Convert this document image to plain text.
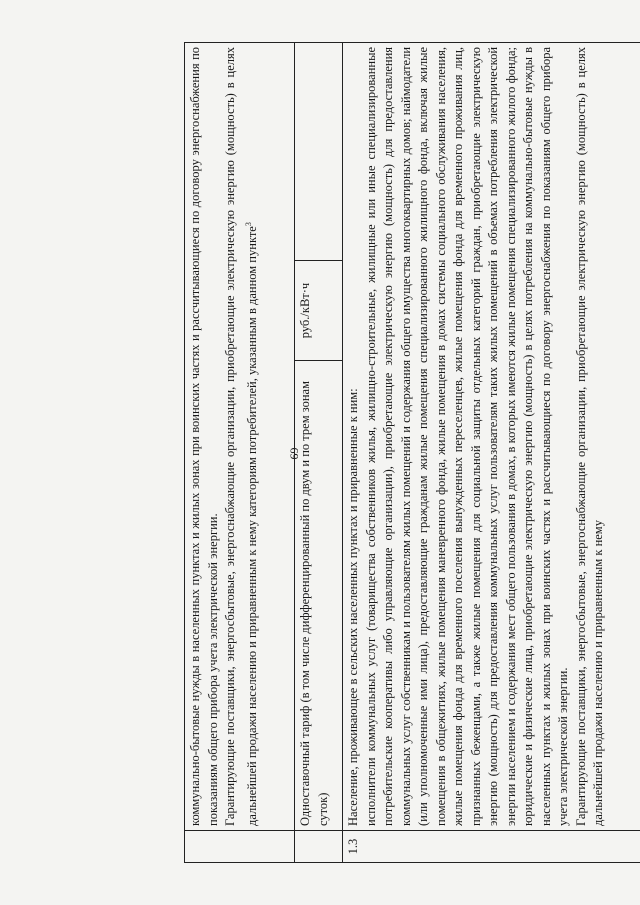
69

	коммунально-бытовые нужды в населенных пунктах и жилых зонах при воинских частях и рассчитывающиеся по договору энергоснабжения по показаниям общего прибора учета электрической энергии. Гарантирующие поставщики, энергосбытовые, энергоснабжающие организации, приобретающие электрическую энергию (мощность) в целях дальнейшей продажи населению и приравненным к нему категориям потребителей, указанным в данном пункте$^3$

	Одноставочный тариф (в том числе дифференцированный по двум и по трем зонам суток)	руб./кВт·ч	
1.3	Население, проживающее в сельских населенных пунктах и приравненные к ним: исполнители коммунальных услуг (товарищества собственников жилья, жилищно-строительные, жилищные или иные специализированные потребительские кооперативы либо управляющие организации), приобретающие электрическую энергию (мощность) для предоставления коммунальных услуг собственникам и пользователям жилых помещений и содержания общего имущества многоквартирных домов; наймодатели (или уполномоченные ими лица), предоставляющие гражданам жилые помещения специализированного жилищного фонда, включая жилые помещения в общежитиях, жилые помещения маневренного фонда, жилые помещения в домах системы социального обслуживания населения, жилые помещения фонда для временного поселения вынужденных переселенцев, жилые помещения фонда для временного проживания лиц, признанных беженцами, а также жилые помещения для социальной защиты отдельных категорий граждан, приобретающие электрическую энергию (мощность) для предоставления коммунальных услуг пользователям таких жилых помещений в объемах потребления электрической энергии населением и содержания мест общего пользования в домах, в которых имеются жилые помещения специализированного жилого фонда; юридические и физические лица, приобретающие электрическую энергию (мощность) в целях потребления на коммунально-бытовые нужды в населенных пунктах и жилых зонах при воинских частях и рассчитывающиеся по договору энергоснабжения по показаниям общего прибора учета электрической энергии. Гарантирующие поставщики, энергосбытовые, энергоснабжающие организации, приобретающие электрическую энергию (мощность) в целях дальнейшей продажи населению и приравненным к нему		
